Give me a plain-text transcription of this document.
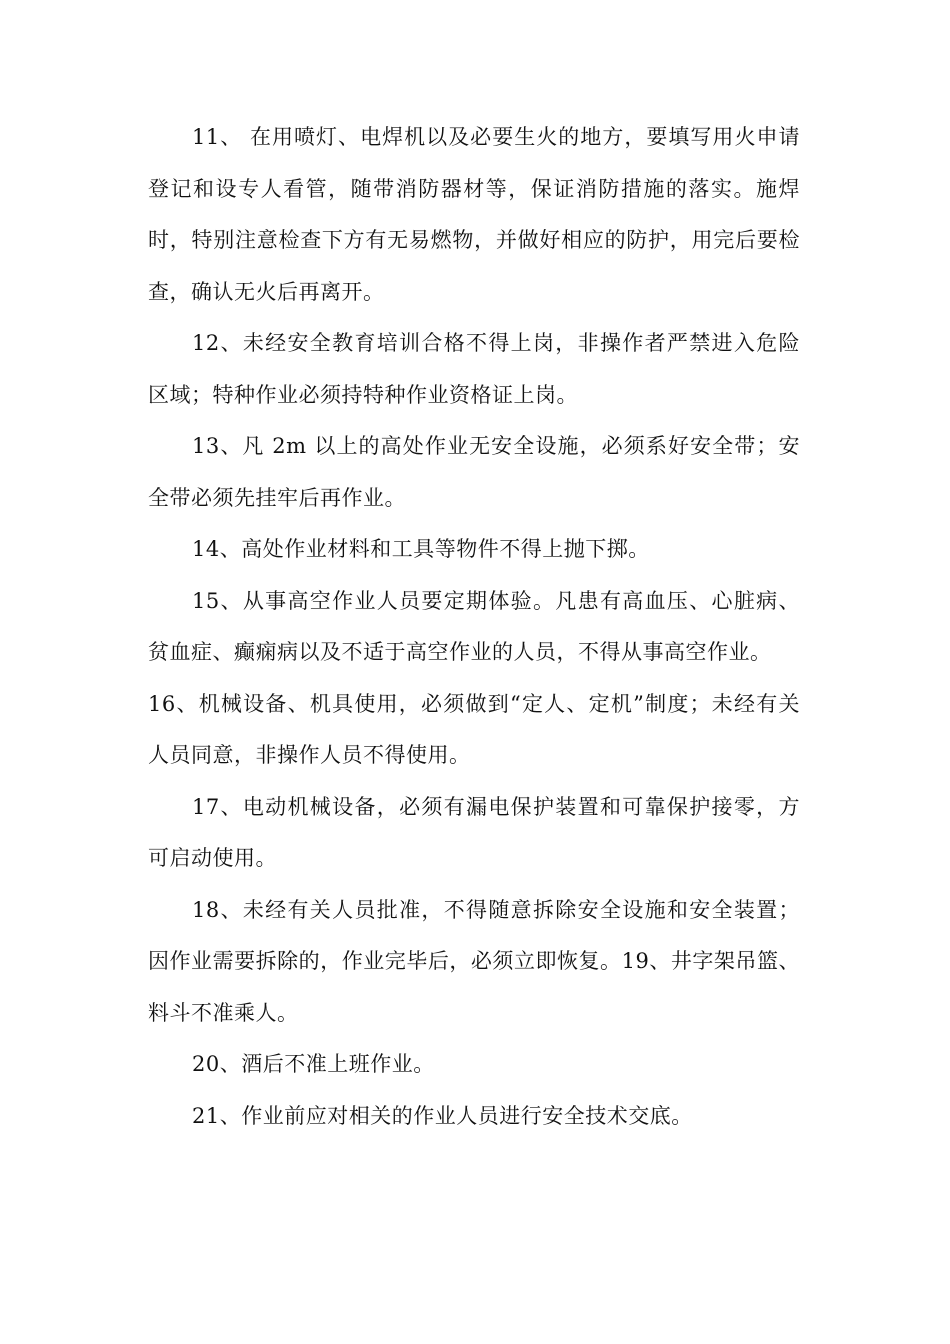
11、 在用喷灯、电焊机以及必要生火的地方，要填写用火申请登记和设专人看管，随带消防器材等，保证消防措施的落实。施焊时，特别注意检查下方有无易燃物，并做好相应的防护，用完后要检查，确认无火后再离开。

12、未经安全教育培训合格不得上岗，非操作者严禁进入危险区域；特种作业必须持特种作业资格证上岗。

13、凡 2m 以上的高处作业无安全设施，必须系好安全带；安全带必须先挂牢后再作业。

14、高处作业材料和工具等物件不得上抛下掷。

15、从事高空作业人员要定期体验。凡患有高血压、心脏病、贫血症、癫痫病以及不适于高空作业的人员，不得从事高空作业。

16、机械设备、机具使用，必须做到“定人、定机”制度；未经有关人员同意，非操作人员不得使用。

17、电动机械设备，必须有漏电保护装置和可靠保护接零，方可启动使用。

18、未经有关人员批准，不得随意拆除安全设施和安全装置；因作业需要拆除的，作业完毕后，必须立即恢复。19、井字架吊篮、料斗不准乘人。

20、酒后不准上班作业。

21、作业前应对相关的作业人员进行安全技术交底。
